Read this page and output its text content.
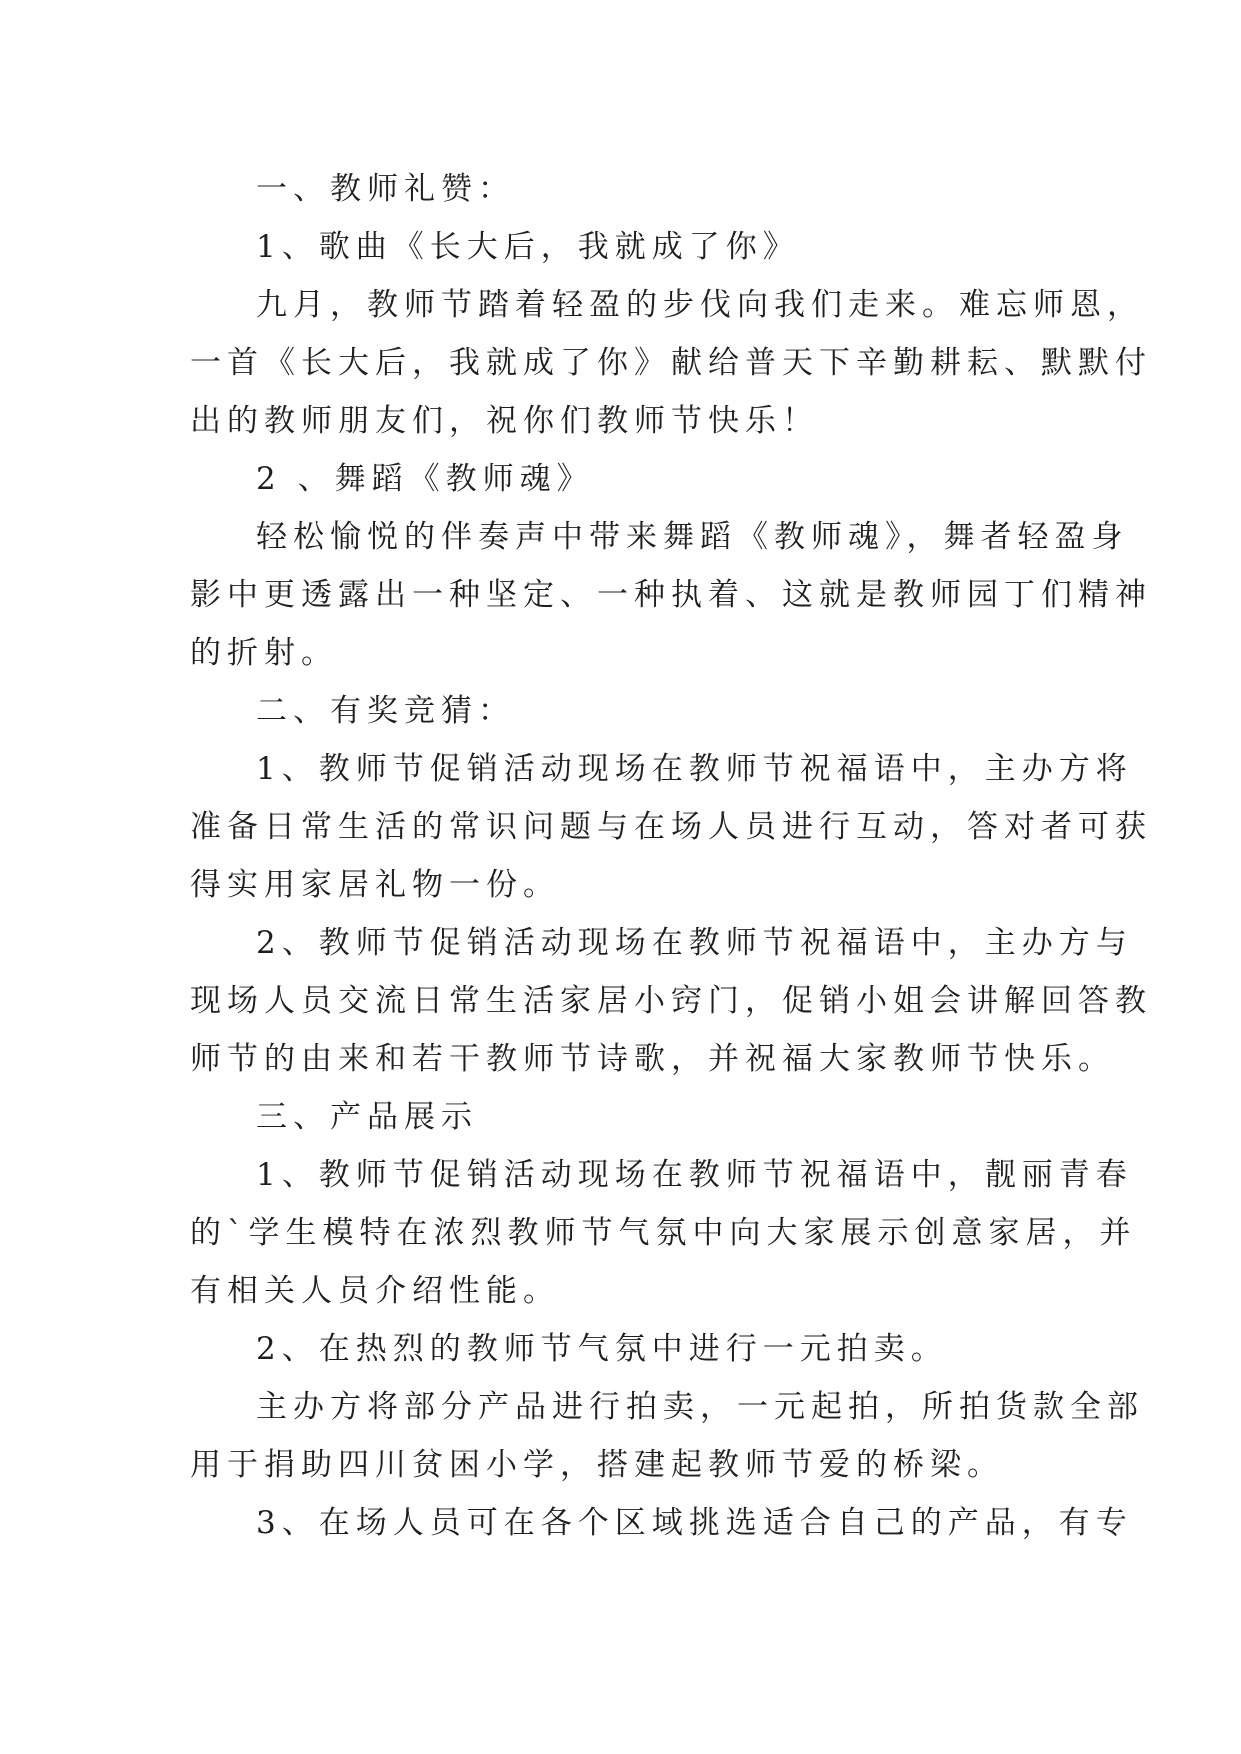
一、教师礼赞：
1、歌曲《长大后，我就成了你》
九月，教师节踏着轻盈的步伐向我们走来。难忘师恩，
一首《长大后，我就成了你》献给普天下辛勤耕耘、默默付
出的教师朋友们，祝你们教师节快乐！
2 、舞蹈《教师魂》
轻松愉悦的伴奏声中带来舞蹈《教师魂》，舞者轻盈身
影中更透露出一种坚定、一种执着、这就是教师园丁们精神
的折射。
二、有奖竞猜：
1、教师节促销活动现场在教师节祝福语中，主办方将
准备日常生活的常识问题与在场人员进行互动，答对者可获
得实用家居礼物一份。
2、教师节促销活动现场在教师节祝福语中，主办方与
现场人员交流日常生活家居小窍门，促销小姐会讲解回答教
师节的由来和若干教师节诗歌，并祝福大家教师节快乐。
三、产品展示
1、教师节促销活动现场在教师节祝福语中，靓丽青春
的`学生模特在浓烈教师节气氛中向大家展示创意家居，并
有相关人员介绍性能。
2、在热烈的教师节气氛中进行一元拍卖。
主办方将部分产品进行拍卖，一元起拍，所拍货款全部
用于捐助四川贫困小学，搭建起教师节爱的桥梁。
3、在场人员可在各个区域挑选适合自己的产品，有专
